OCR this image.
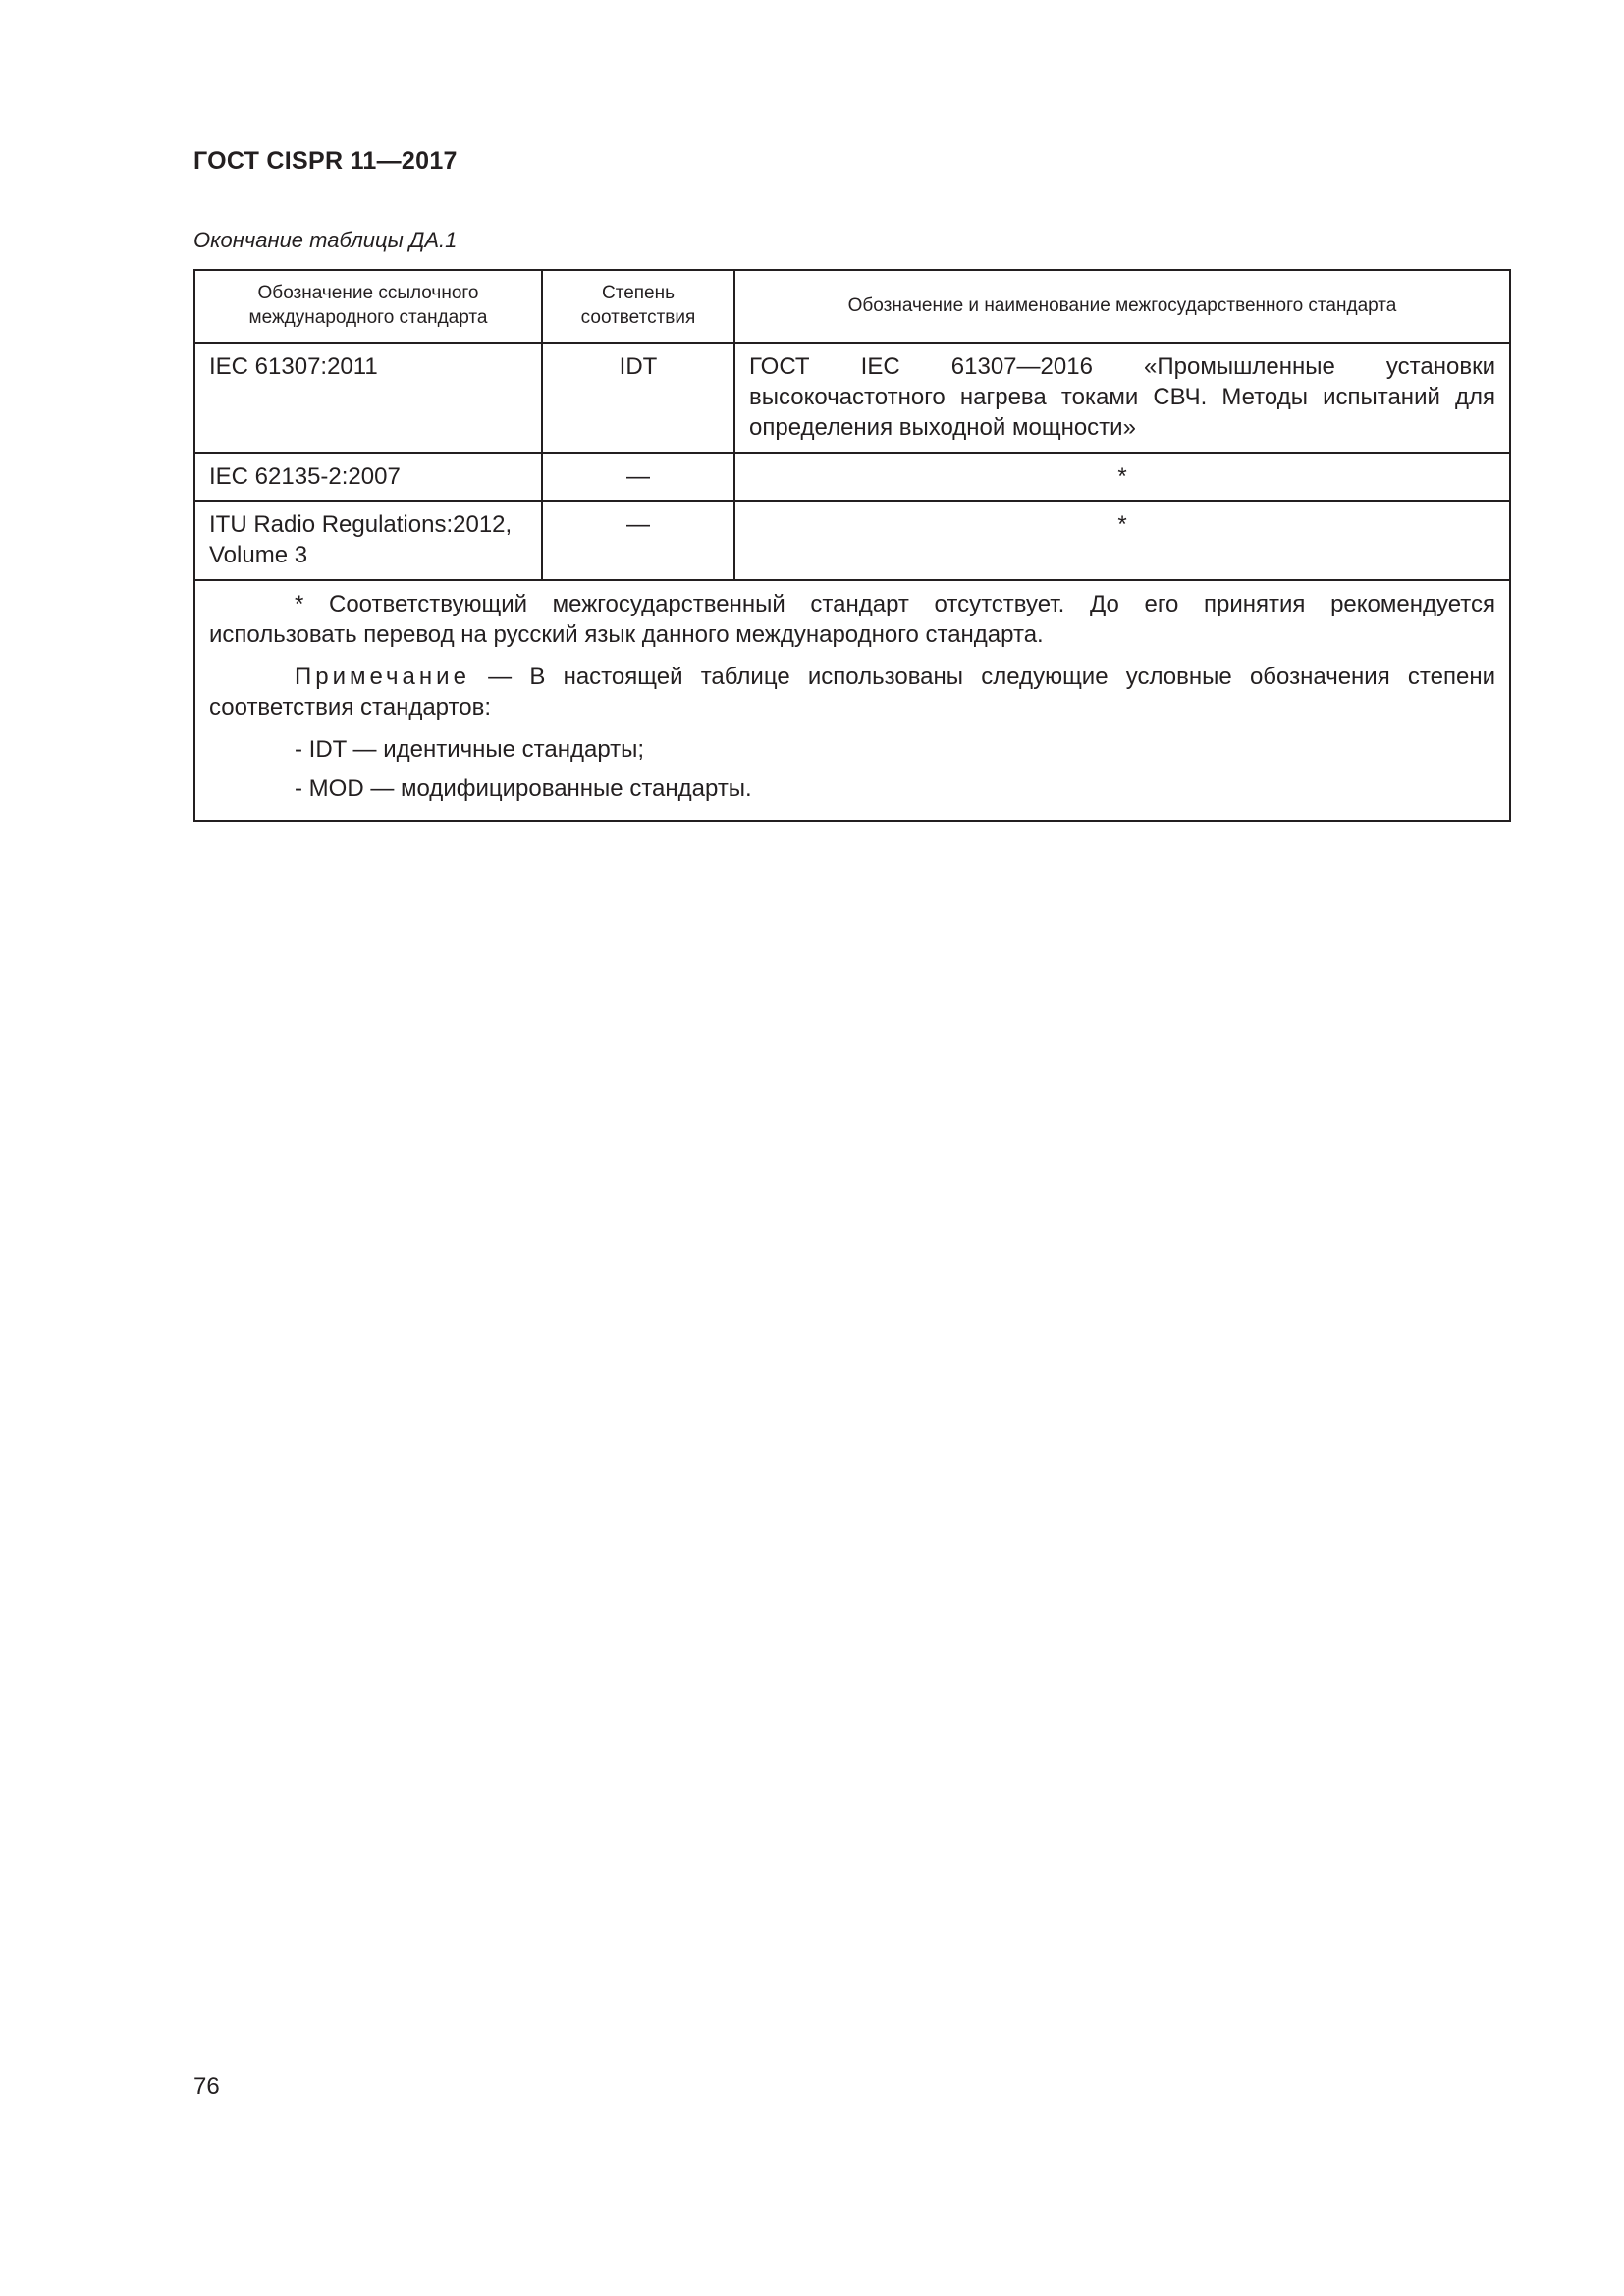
ГОСТ CISPR 11—2017
Окончание таблицы ДА.1
Обозначение ссылочного международного стандарта	Степень соответствия	Обозначение и наименование межгосударственного стандарта
IEC 61307:2011	IDT	ГОСТ IEC 61307—2016 «Промышленные установки высокочастотного нагрева токами СВЧ. Методы испытаний для определения выходной мощности»
IEC 62135-2:2007	—	*
ITU Radio Regulations:2012, Volume 3	—	*

* Соответствующий межгосударственный стандарт отсутствует. До его принятия рекомендуется использовать перевод на русский язык данного международного стандарта.

Примечание — В настоящей таблице использованы следующие условные обозначения степени соответствия стандартов:

- IDT — идентичные стандарты;
- MOD — модифицированные стандарты.		
76
